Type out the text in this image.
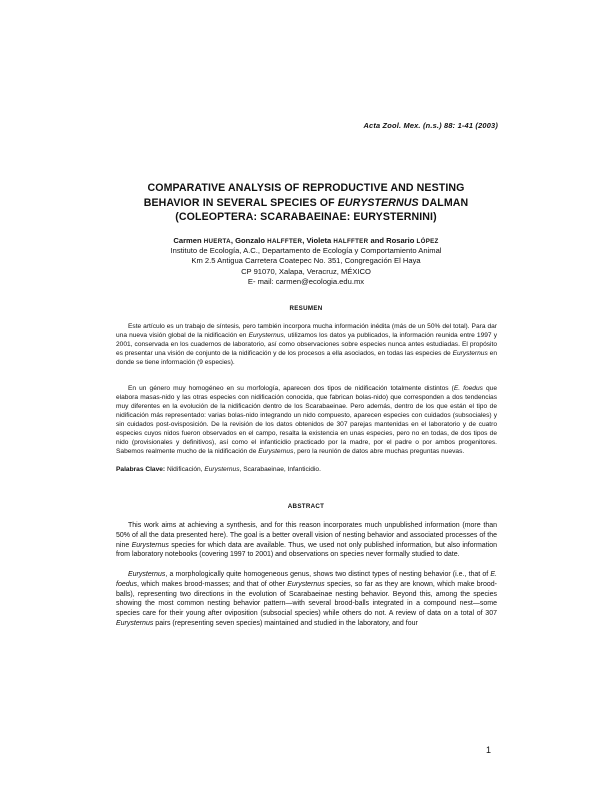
Acta Zool. Mex. (n.s.) 88: 1-41 (2003)
COMPARATIVE ANALYSIS OF REPRODUCTIVE AND NESTING
BEHAVIOR IN SEVERAL SPECIES OF EURYSTERNUS DALMAN
(COLEOPTERA: SCARABAEINAE: EURYSTERNINI)
Carmen HUERTA, Gonzalo HALFFTER, Violeta HALFFTER and Rosario LÓPEZ
Instituto de Ecología, A.C., Departamento de Ecología y Comportamiento Animal
Km 2.5 Antigua Carretera Coatepec No. 351, Congregación El Haya
CP 91070, Xalapa, Veracruz, MÉXICO
E- mail: carmen@ecologia.edu.mx
RESUMEN

Este artículo es un trabajo de síntesis, pero también incorpora mucha información inédita (más de un 50% del total). Para dar una nueva visión global de la nidificación en Eurysternus, utilizamos los datos ya publicados, la información reunida entre 1997 y 2001, conservada en los cuadernos de laboratorio, así como observaciones sobre especies nunca antes estudiadas. El propósito es presentar una visión de conjunto de la nidificación y de los procesos a ella asociados, en todas las especies de Eurysternus en donde se tiene información (9 especies).

En un género muy homogéneo en su morfología, aparecen dos tipos de nidificación totalmente distintos (E. foedus que elabora masas-nido y las otras especies con nidificación conocida, que fabrican bolas-nido) que corresponden a dos tendencias muy diferentes en la evolución de la nidificación dentro de los Scarabaeinae. Pero además, dentro de los que están el tipo de nidificación más representado: varias bolas-nido integrando un nido compuesto, aparecen especies con cuidados (subsociales) y sin cuidados post-ovisposición. De la revisión de los datos obtenidos de 307 parejas mantenidas en el laboratorio y de cuatro especies cuyos nidos fueron observados en el campo, resalta la existencia en unas especies, pero no en todas, de dos tipos de nido (provisionales y definitivos), así como el infanticidio practicado por la madre, por el padre o por ambos progenitores. Sabemos realmente mucho de la nidificación de Eurysternus, pero la reunión de datos abre muchas preguntas nuevas.

Palabras Clave: Nidificación, Eurysternus, Scarabaeinae, Infanticidio.

ABSTRACT

This work aims at achieving a synthesis, and for this reason incorporates much unpublished information (more than 50% of all the data presented here). The goal is a better overall vision of nesting behavior and associated processes of the nine Eurysternus species for which data are available. Thus, we used not only published information, but also information from laboratory notebooks (covering 1997 to 2001) and observations on species never formally studied to date.

Eurysternus, a morphologically quite homogeneous genus, shows two distinct types of nesting behavior (i.e., that of E. foedus, which makes brood-masses; and that of other Eurysternus species, so far as they are known, which make brood-balls), representing two directions in the evolution of Scarabaeinae nesting behavior. Beyond this, among the species showing the most common nesting behavior pattern—with several brood-balls integrated in a compound nest—some species care for their young after oviposition (subsocial species) while others do not. A review of data on a total of 307 Eurysternus pairs (representing seven species) maintained and studied in the laboratory, and four

1
